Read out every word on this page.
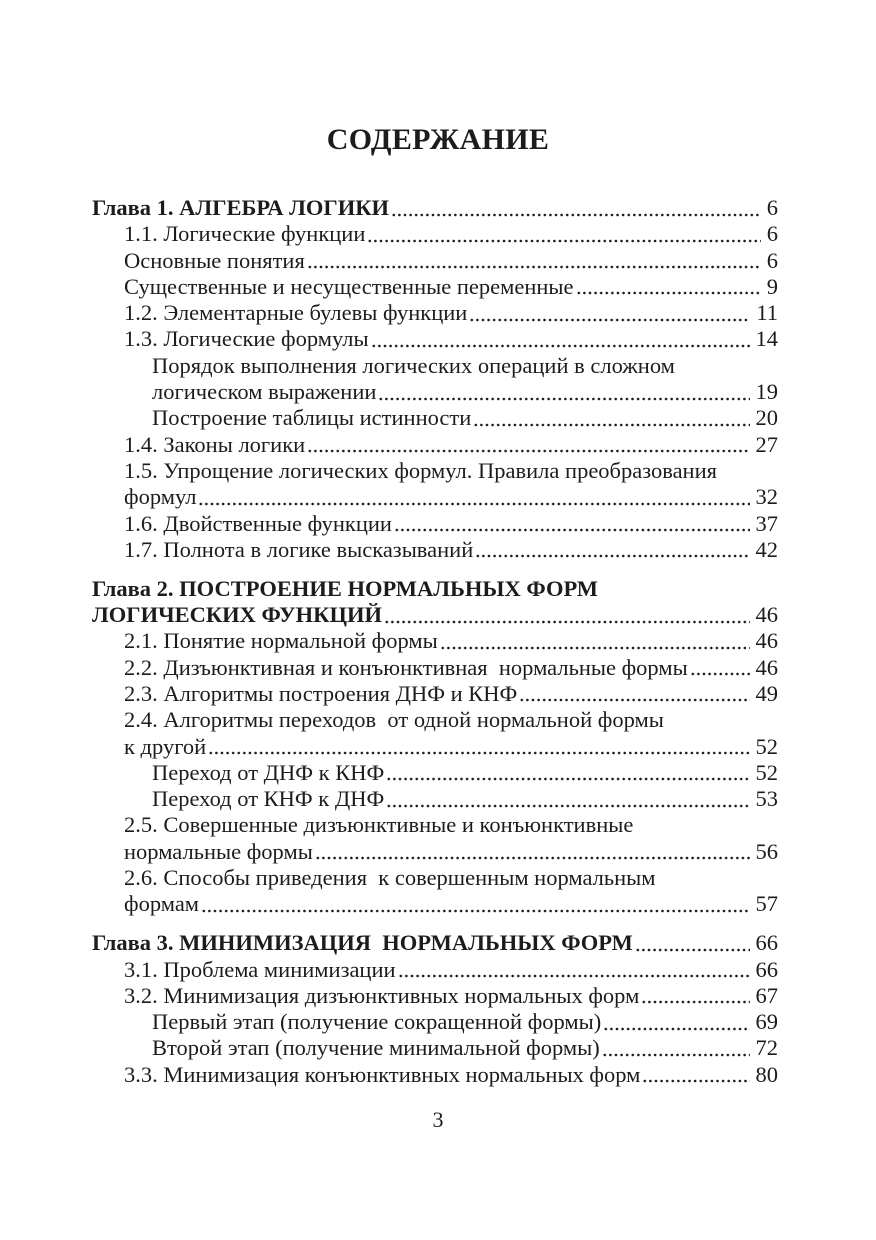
СОДЕРЖАНИЕ
Глава 1. АЛГЕБРА ЛОГИКИ	6
1.1. Логические функции	6
Основные понятия	6
Существенные и несущественные переменные	9
1.2. Элементарные булевы функции	11
1.3. Логические формулы	14
Порядок выполнения логических операций в сложном
логическом выражении	19
Построение таблицы истинности	20
1.4. Законы логики	27
1.5. Упрощение логических формул. Правила преобразования
формул	32
1.6. Двойственные функции	37
1.7. Полнота в логике высказываний	42
Глава 2. ПОСТРОЕНИЕ НОРМАЛЬНЫХ ФОРМ
ЛОГИЧЕСКИХ ФУНКЦИЙ	46
2.1. Понятие нормальной формы	46
2.2. Дизъюнктивная и конъюнктивная  нормальные формы	46
2.3. Алгоритмы построения ДНФ и КНФ	49
2.4. Алгоритмы переходов  от одной нормальной формы
к другой	52
Переход от ДНФ к КНФ	52
Переход от КНФ к ДНФ	53
2.5. Совершенные дизъюнктивные и конъюнктивные
нормальные формы	56
2.6. Способы приведения  к совершенным нормальным
формам	57
Глава 3. МИНИМИЗАЦИЯ  НОРМАЛЬНЫХ ФОРМ	66
3.1. Проблема минимизации	66
3.2. Минимизация дизъюнктивных нормальных форм	67
Первый этап (получение сокращенной формы)	69
Второй этап (получение минимальной формы)	72
3.3. Минимизация конъюнктивных нормальных форм	80
3
